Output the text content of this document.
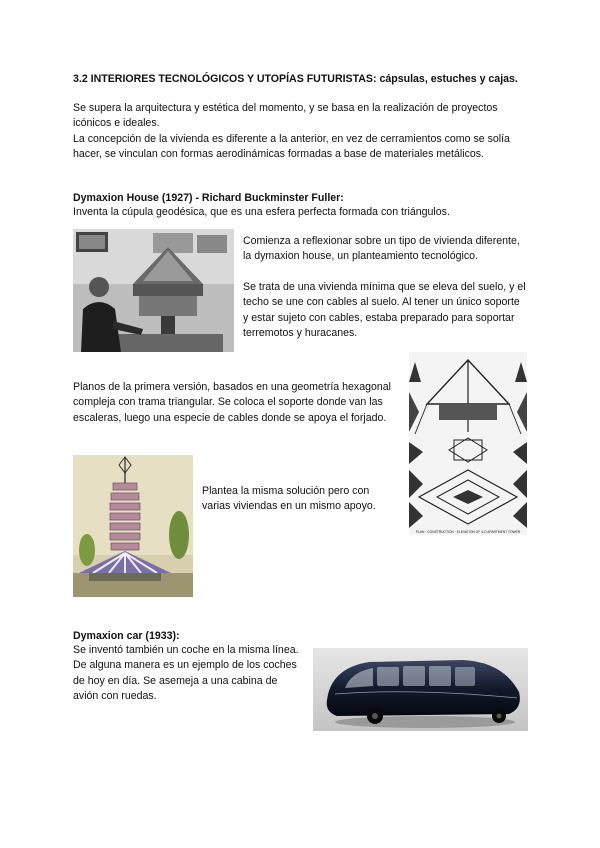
3.2 INTERIORES TECNOLÓGICOS Y UTOPÍAS FUTURISTAS: cápsulas, estuches y cajas.

Se supera la arquitectura y estética del momento, y se basa en la realización de proyectos icónicos e ideales.

La concepción de la vivienda es diferente a la anterior, en vez de cerramientos como se solía hacer, se vinculan con formas aerodinámicas formadas a base de materiales metálicos.

Dymaxion House (1927) - Richard Buckminster Fuller:

Inventa la cúpula geodésica, que es una esfera perfecta formada con triángulos.

Comienza a reflexionar sobre un tipo de vivienda diferente, la dymaxion house, un planteamiento tecnológico.

Se trata de una vivienda mínima que se eleva del suelo, y el techo se une con cables al suelo. Al tener un único soporte y estar sujeto con cables, estaba preparado para soportar terremotos y huracanes.

PLAN · CONSTRUCTION · ELEVATION OF 4-D APARTMENT TOWER

Planos de la primera versión, basados en una geometría hexagonal compleja con trama triangular. Se coloca el soporte donde van las escaleras, luego una especie de cables donde se apoya el forjado.

Plantea la misma solución pero con varias viviendas en un mismo apoyo.

Dymaxion car (1933):

Se inventó también un coche en la misma línea. De alguna manera es un ejemplo de los coches de hoy en día. Se asemeja a una cabina de avión con ruedas.
